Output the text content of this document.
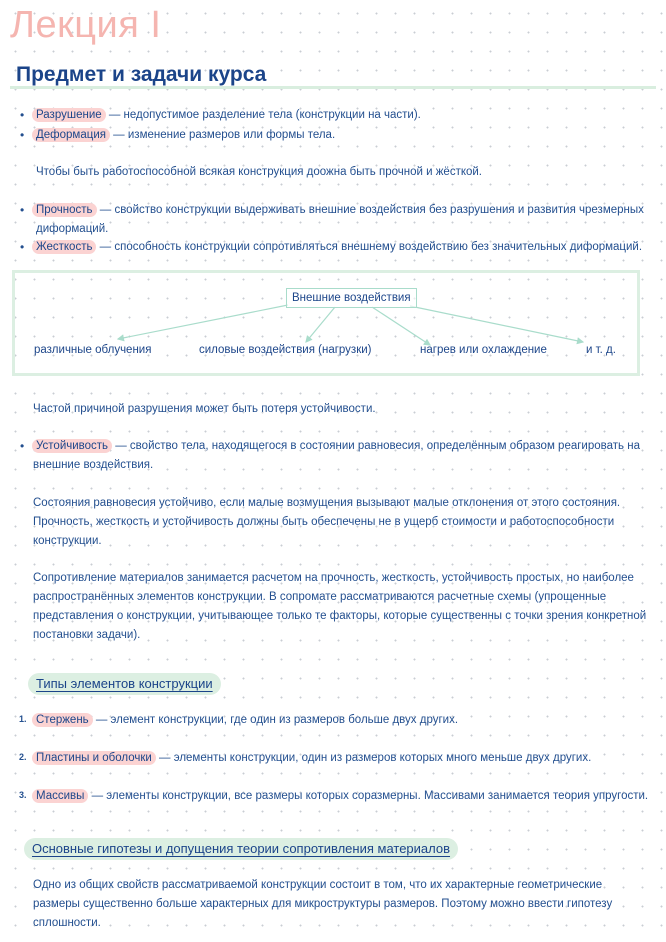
Лекция I
Предмет и задачи курса
• Разрушение — недопустимое разделение тела (конструкции на части).
• Деформация — изменение размеров или формы тела.
Чтобы быть работоспособной всякая конструкция доожна быть прочной и жёсткой.
• Прочность — свойство конструкции выдерживать внешние воздействия без разрушения и развития чрезмерных
диформаций.
• Жесткость — способность конструкции сопротивляться внешнему воздействию без значительных диформаций.
Внешние воздействия
различные облучения	силовые воздействия (нагрузки)	нагрев или охлаждение	и т. д.
Частой причиной разрушения может быть потеря устойчивости.
• Устойчивость — свойство тела, находящегося в состоянии равновесия, определённым образом реагировать на
внешние воздействия.
Состояния равновесия устойчиво, если малые возмущения вызывают малые отклонения от этого состояния.
Прочность, жесткость и устойчивость должны быть обеспечены не в ущерб стоимости и работоспособности
конструкции.
Сопротивление материалов занимается расчетом на прочность, жесткость, устойчивость простых, но наиболее
распространённых элементов конструкции. В сопромате рассматриваются расчетные схемы (упрощенные
представления о конструкции, учитывающее только те факторы, которые существенны с точки зрения конкретной
постановки задачи).
Типы элементов конструкции
1. Стержень — элемент конструкции, где один из размеров больше двух других.
2. Пластины и оболочки — элементы конструкции, один из размеров которых много меньше двух других.
3. Массивы — элементы конструкции, все размеры которых соразмерны. Массивами занимается теория упругости.
Основные гипотезы и допущения теории сопротивления материалов
Одно из общих свойств рассматриваемой конструкции состоит в том, что их характерные геометрические
размеры существенно больше характерных для микроструктуры размеров. Поэтому можно ввести гипотезу
сплошности.
